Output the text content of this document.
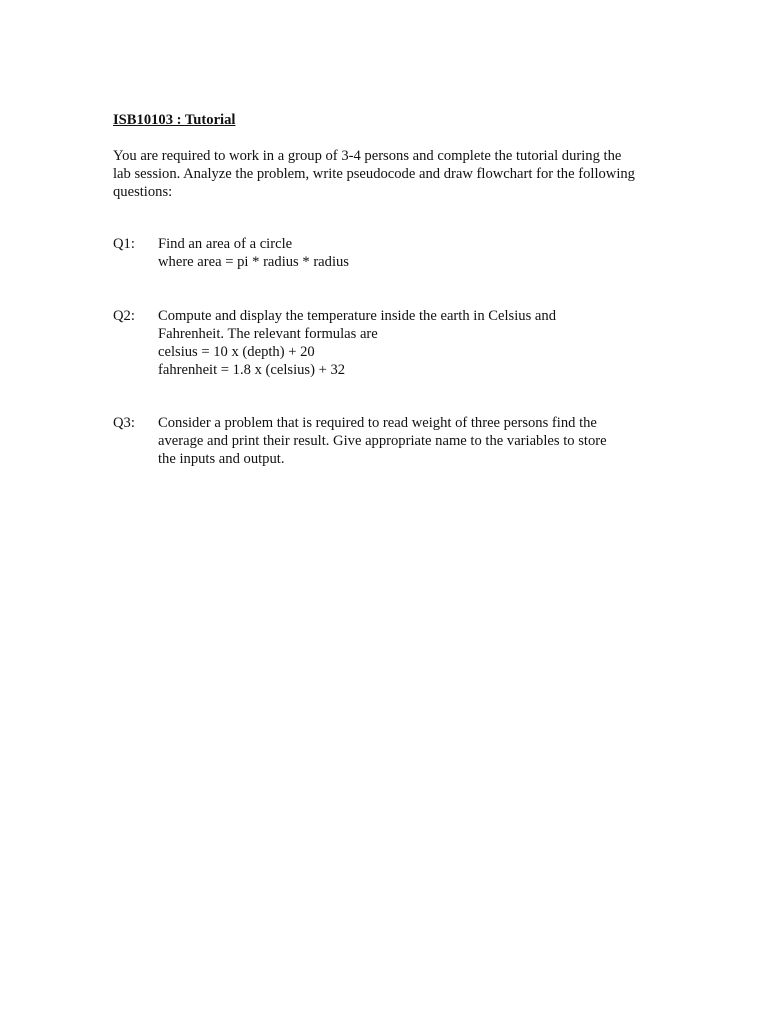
ISB10103 : Tutorial

You are required to work in a group of 3-4 persons and complete the tutorial during the
lab session. Analyze the problem, write pseudocode and draw flowchart for the following
questions:

Q1: Find an area of a circle
where area = pi * radius * radius
Q2: Compute and display the temperature inside the earth in Celsius and
Fahrenheit. The relevant formulas are
celsius = 10 x (depth) + 20
fahrenheit = 1.8 x (celsius) + 32
Q3: Consider a problem that is required to read weight of three persons find the
average and print their result. Give appropriate name to the variables to store
the inputs and output.
